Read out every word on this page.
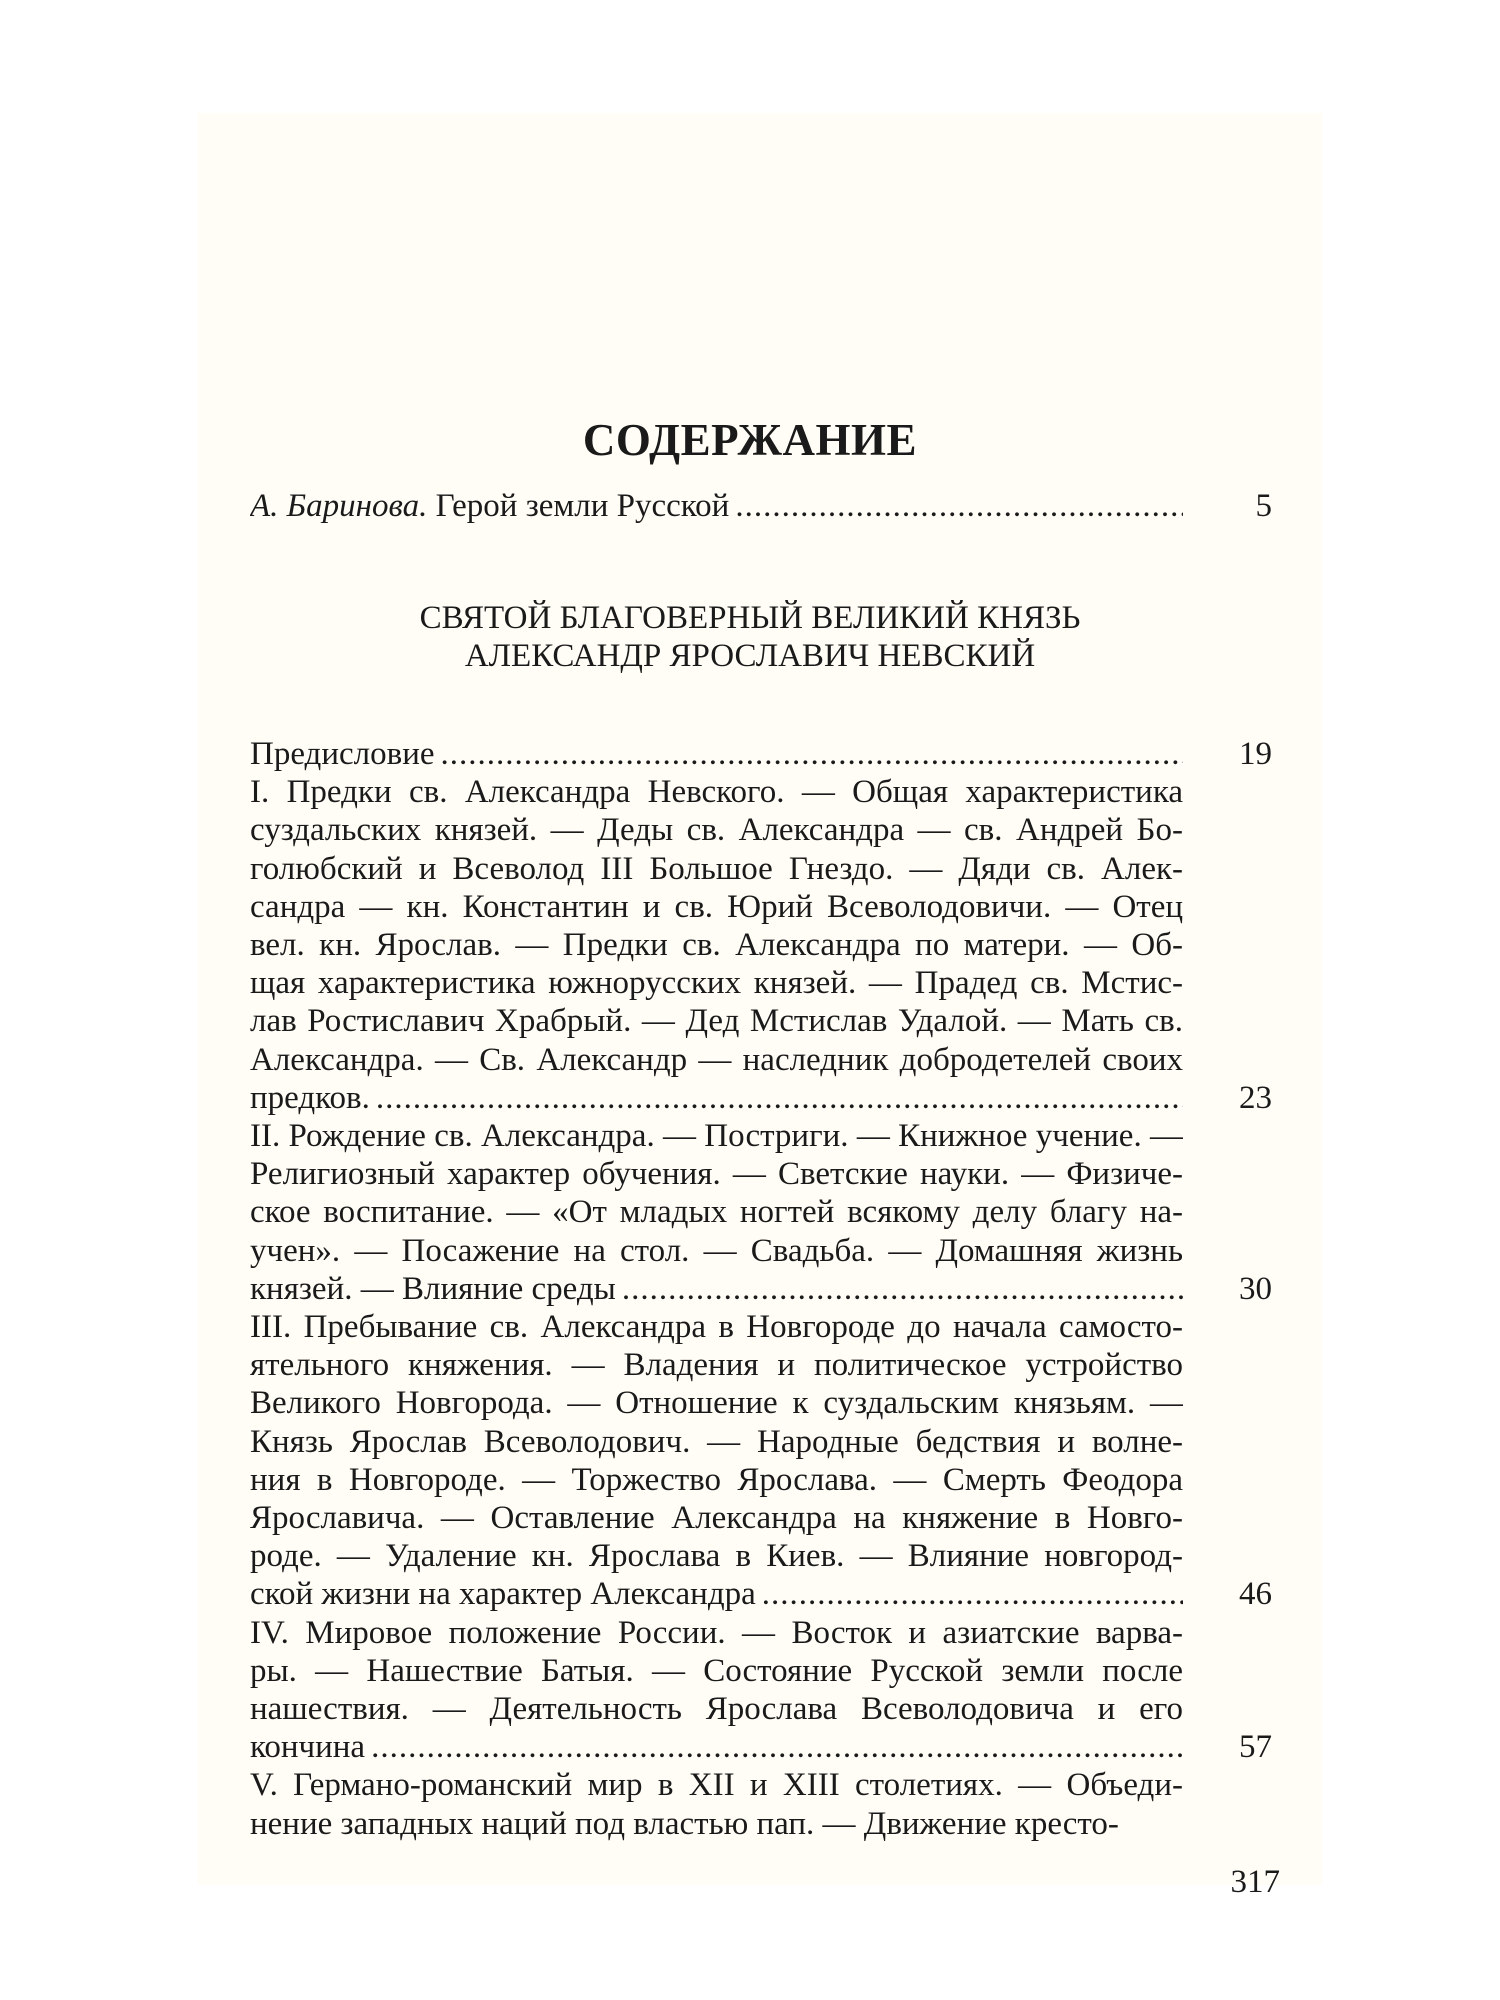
СОДЕРЖАНИЕ
А. Баринова. Герой земли Русской .....	5
СВЯТОЙ БЛАГОВЕРНЫЙ ВЕЛИКИЙ КНЯЗЬ
АЛЕКСАНДР ЯРОСЛАВИЧ НЕВСКИЙ
Предисловие .....	19
I. Предки св. Александра Невского. — Общая характеристика
суздальских князей. — Деды св. Александра — св. Андрей Бо-
голюбский и Всеволод III Большое Гнездо. — Дяди св. Алек-
сандра — кн. Константин и св. Юрий Всеволодовичи. — Отец
вел. кн. Ярослав. — Предки св. Александра по матери. — Об-
щая характеристика южнорусских князей. — Прадед св. Мстис-
лав Ростиславич Храбрый. — Дед Мстислав Удалой. — Мать св.
Александра. — Св. Александр — наследник добродетелей своих
предков. .....	23
II. Рождение св. Александра. — Постриги. — Книжное учение. —
Религиозный характер обучения. — Светские науки. — Физиче-
ское воспитание. — «От младых ногтей всякому делу благу на-
учен». — Посажение на стол. — Свадьба. — Домашняя жизнь
князей. — Влияние среды .....	30
III. Пребывание св. Александра в Новгороде до начала самосто-
ятельного княжения. — Владения и политическое устройство
Великого Новгорода. — Отношение к суздальским князьям. —
Князь Ярослав Всеволодович. — Народные бедствия и волне-
ния в Новгороде. — Торжество Ярослава. — Смерть Феодора
Ярославича. — Оставление Александра на княжение в Новго-
роде. — Удаление кн. Ярослава в Киев. — Влияние новгород-
ской жизни на характер Александра .....	46
IV. Мировое положение России. — Восток и азиатские варва-
ры. — Нашествие Батыя. — Состояние Русской земли после
нашествия. — Деятельность Ярослава Всеволодовича и его
кончина .....	57
V. Германо-романский мир в XII и XIII столетиях. — Объеди-
нение западных наций под властью пап. — Движение кресто-
317
